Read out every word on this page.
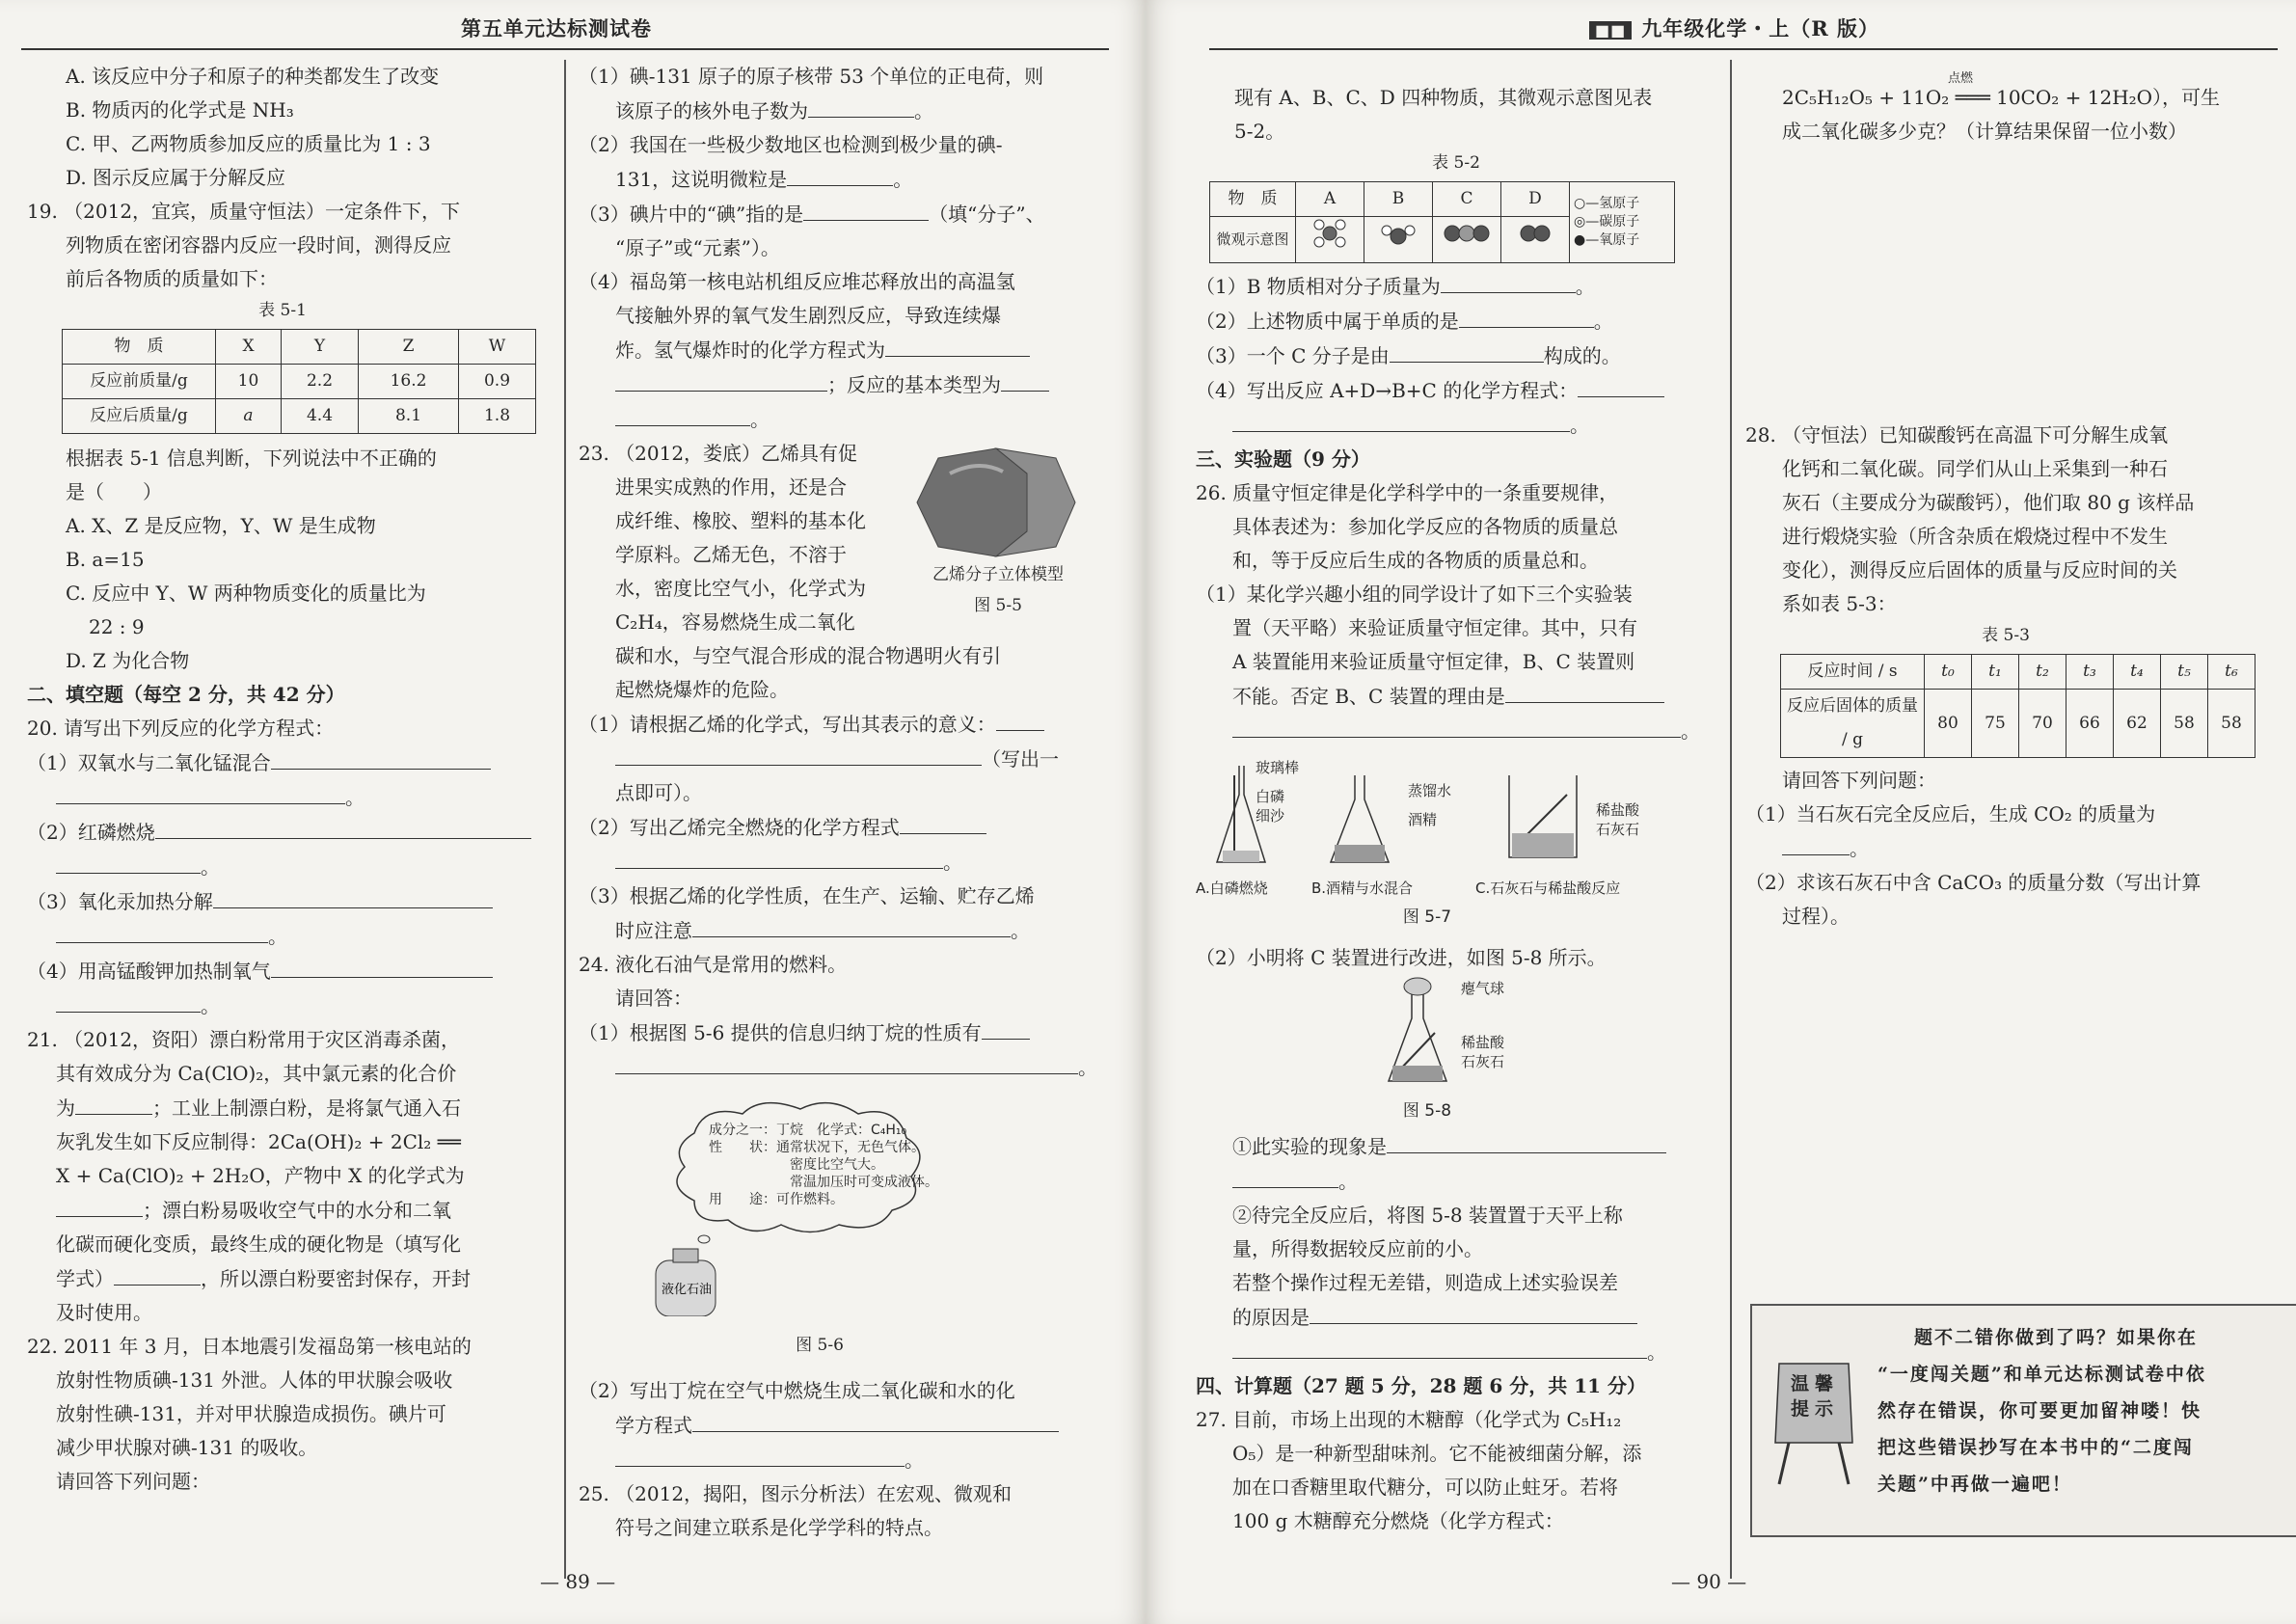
第五单元达标测试卷

A. 该反应中分子和原子的种类都发生了改变

B. 物质丙的化学式是 NH₃

C. 甲、乙两物质参加反应的质量比为 1 : 3

D. 图示反应属于分解反应

19. （2012，宜宾，质量守恒法）一定条件下，下

列物质在密闭容器内反应一段时间，测得反应

前后各物质的质量如下：

表 5-1
物　质	X	Y	Z	W
反应前质量/g	10	2.2	16.2	0.9
反应后质量/g	a	4.4	8.1	1.8

根据表 5-1 信息判断，下列说法中不正确的

是（　　）

A. X、Z 是反应物，Y、W 是生成物

B. a=15

C. 反应中 Y、W 两种物质变化的质量比为

22 : 9

D. Z 为化合物

二、填空题（每空 2 分，共 42 分）

20. 请写出下列反应的化学方程式：

（1）双氧水与二氧化锰混合

。

（2）红磷燃烧

。

（3）氧化汞加热分解

。

（4）用高锰酸钾加热制氧气

。

21. （2012，资阳）漂白粉常用于灾区消毒杀菌，

其有效成分为 Ca(ClO)₂，其中氯元素的化合价

为	；工业上制漂白粉，是将氯气通入石

灰乳发生如下反应制得：2Ca(OH)₂ + 2Cl₂ ══

X + Ca(ClO)₂ + 2H₂O，产物中 X 的化学式为

；漂白粉易吸收空气中的水分和二氧

化碳而硬化变质，最终生成的硬化物是（填写化

学式）	，所以漂白粉要密封保存，开封

及时使用。

22. 2011 年 3 月，日本地震引发福岛第一核电站的

放射性物质碘-131 外泄。人体的甲状腺会吸收

放射性碘-131，并对甲状腺造成损伤。碘片可

减少甲状腺对碘-131 的吸收。

请回答下列问题：

（1）碘-131 原子的原子核带 53 个单位的正电荷，则

该原子的核外电子数为	。

（2）我国在一些极少数地区也检测到极少量的碘-

131，这说明微粒是	。

（3）碘片中的“碘”指的是	（填“分子”、

“原子”或“元素”）。

（4）福岛第一核电站机组反应堆芯释放出的高温氢

气接触外界的氧气发生剧烈反应，导致连续爆

炸。氢气爆炸时的化学方程式为

；反应的基本类型为

。

23. （2012，娄底）乙烯具有促

进果实成熟的作用，还是合

成纤维、橡胶、塑料的基本化

学原料。乙烯无色，不溶于

水，密度比空气小，化学式为

C₂H₄，容易燃烧生成二氧化

乙烯分子立体模型
图 5-5

碳和水，与空气混合形成的混合物遇明火有引

起燃烧爆炸的危险。

（1）请根据乙烯的化学式，写出其表示的意义：

（写出一

点即可）。

（2）写出乙烯完全燃烧的化学方程式

。

（3）根据乙烯的化学性质，在生产、运输、贮存乙烯

时应注意	。

24. 液化石油气是常用的燃料。

请回答：

（1）根据图 5-6 提供的信息归纳丁烷的性质有

。

液化石油
成分之一：丁烷　化学式：C₄H₁₀
性　　状：通常状况下，无色气体。
密度比空气大。
常温加压时可变成液体。
用　　途：可作燃料。
图 5-6

（2）写出丁烷在空气中燃烧生成二氧化碳和水的化

学方程式

。

25. （2012，揭阳，图示分析法）在宏观、微观和

符号之间建立联系是化学学科的特点。

— 89 —
■■ 九年级化学・上（R 版）

现有 A、B、C、D 四种物质，其微观示意图见表

5-2。

表 5-2
物　质	A	B	C	D	○—氢原子
◎—碳原子
●—氧原子

微观示意图				

（1）B 物质相对分子质量为	。

（2）上述物质中属于单质的是	。

（3）一个 C 分子是由	构成的。

（4）写出反应 A+D→B+C 的化学方程式：

。

三、实验题（9 分）

26. 质量守恒定律是化学科学中的一条重要规律，

具体表述为：参加化学反应的各物质的质量总

和，等于反应后生成的各物质的质量总和。

（1）某化学兴趣小组的同学设计了如下三个实验装

置（天平略）来验证质量守恒定律。其中，只有

A 装置能用来验证质量守恒定律，B、C 装置则

不能。否定 B、C 装置的理由是

。

玻璃棒
白磷
细沙
蒸馏水
酒精
稀盐酸
石灰石
A.白磷燃烧	B.酒精与水混合	C.石灰石与稀盐酸反应
图 5-7

（2）小明将 C 装置进行改进，如图 5-8 所示。

瘪气球
稀盐酸
石灰石
图 5-8

①此实验的现象是

。

②待完全反应后，将图 5-8 装置置于天平上称

量，所得数据较反应前的小。

若整个操作过程无差错，则造成上述实验误差

的原因是

。

四、计算题（27 题 5 分，28 题 6 分，共 11 分）

27. 目前，市场上出现的木糖醇（化学式为 C₅H₁₂

O₅）是一种新型甜味剂。它不能被细菌分解，添

加在口香糖里取代糖分，可以防止蛀牙。若将

100 g 木糖醇充分燃烧（化学方程式：

点燃
2C₅H₁₂O₅ + 11O₂ ═══ 10CO₂ + 12H₂O），可生

成二氧化碳多少克？（计算结果保留一位小数）

28. （守恒法）已知碳酸钙在高温下可分解生成氧

化钙和二氧化碳。同学们从山上采集到一种石

灰石（主要成分为碳酸钙），他们取 80 g 该样品

进行煅烧实验（所含杂质在煅烧过程中不发生

变化），测得反应后固体的质量与反应时间的关

系如表 5-3：

表 5-3
反应时间 / s	t₀	t₁	t₂	t₃	t₄	t₅	t₆
反应后固体的质量 / g	80	75	70	66	62	58	58

请回答下列问题：

（1）当石灰石完全反应后，生成 CO₂ 的质量为

。

（2）求该石灰石中含 CaCO₃ 的质量分数（写出计算

过程）。

温 馨
提 示

题不二错你做到了吗？如果你在

“一度闯关题”和单元达标测试卷中依

然存在错误，你可要更加留神喽！快

把这些错误抄写在本书中的“二度闯

关题”中再做一遍吧！

— 90 —
